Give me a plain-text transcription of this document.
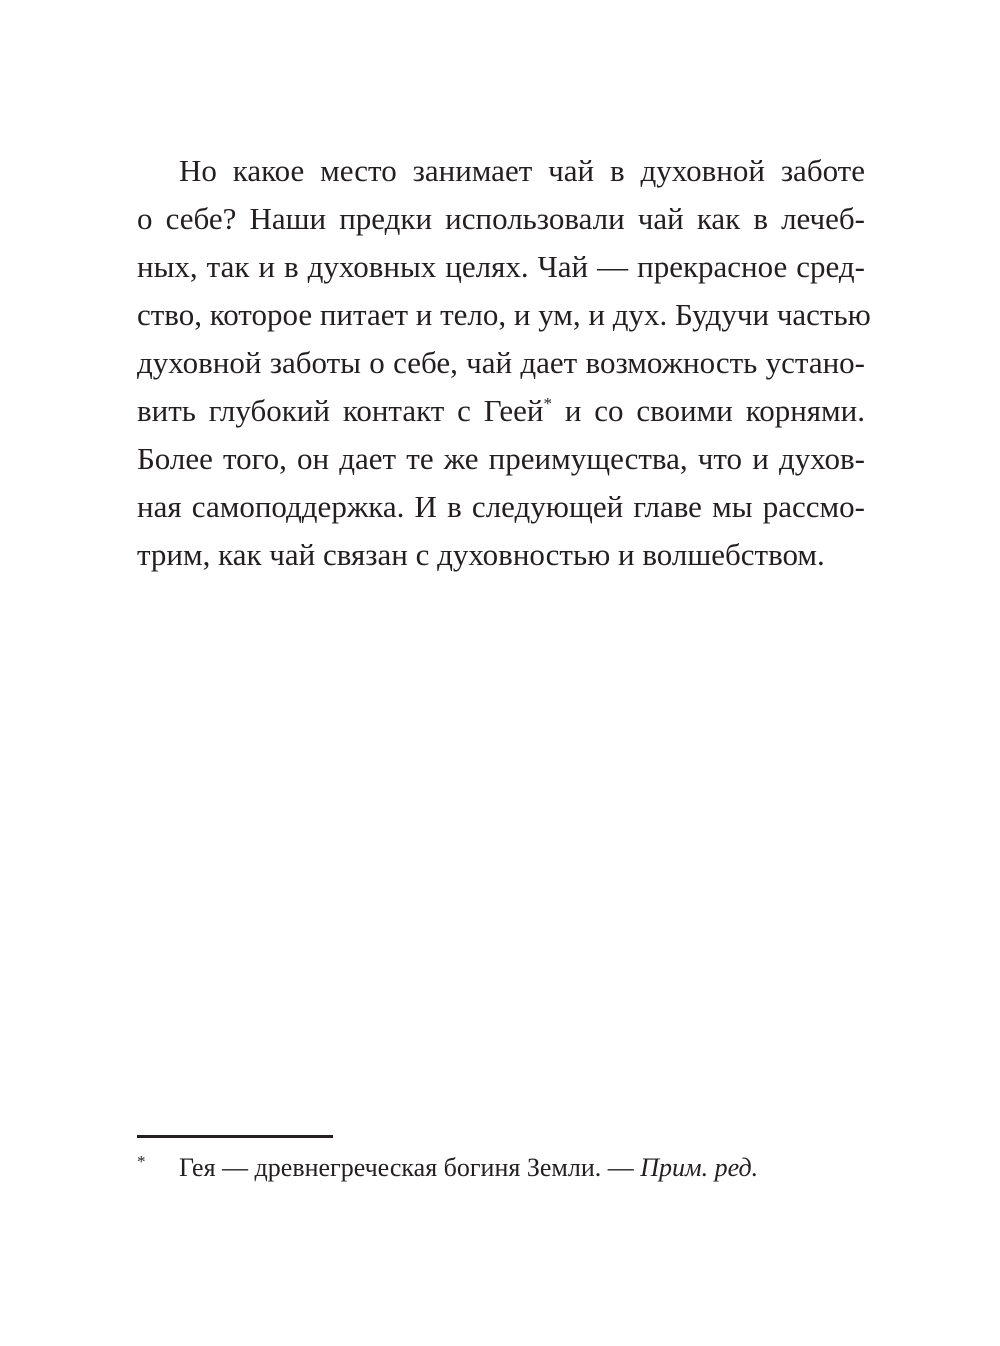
Но какое место занимает чай в духовной заботе
о себе? Наши предки использовали чай как в лечеб-
ных, так и в духовных целях. Чай — прекрасное сред-
ство, которое питает и тело, и ум, и дух. Будучи частью
духовной заботы о себе, чай дает возможность устано-
вить глубокий контакт с Геей* и со своими корнями.
Более того, он дает те же преимущества, что и духов-
ная самоподдержка. И в следующей главе мы рассмо-
трим, как чай связан с духовностью и волшебством.
* Гея — древнегреческая богиня Земли. — Прим. ред.
